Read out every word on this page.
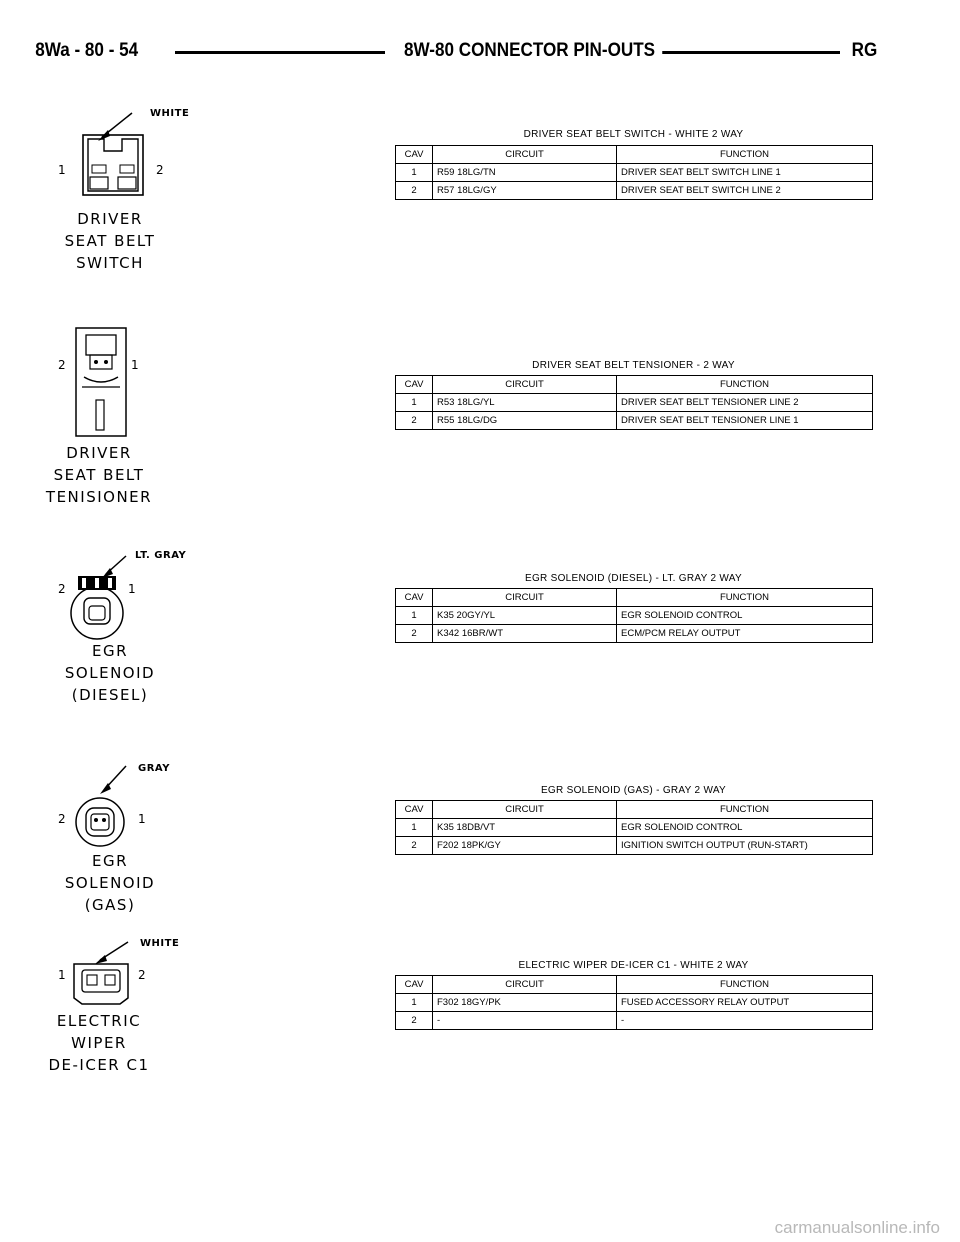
8Wa - 80 - 54	8W-80 CONNECTOR PIN-OUTS	RG
WHITE
1	2
DRIVER
SEAT BELT
SWITCH
DRIVER SEAT BELT SWITCH - WHITE 2 WAY
CAV	CIRCUIT	FUNCTION
1	R59 18LG/TN	DRIVER SEAT BELT SWITCH LINE 1
2	R57 18LG/GY	DRIVER SEAT BELT SWITCH LINE 2
2	1
DRIVER
SEAT BELT
TENISIONER
DRIVER SEAT BELT TENSIONER - 2 WAY
CAV	CIRCUIT	FUNCTION
1	R53 18LG/YL	DRIVER SEAT BELT TENSIONER LINE 2
2	R55 18LG/DG	DRIVER SEAT BELT TENSIONER LINE 1
LT. GRAY
2	1
EGR
SOLENOID
(DIESEL)
EGR SOLENOID (DIESEL) - LT. GRAY 2 WAY
CAV	CIRCUIT	FUNCTION
1	K35 20GY/YL	EGR SOLENOID CONTROL
2	K342 16BR/WT	ECM/PCM RELAY OUTPUT
GRAY
2	1
EGR
SOLENOID
(GAS)
EGR SOLENOID (GAS) - GRAY 2 WAY
CAV	CIRCUIT	FUNCTION
1	K35 18DB/VT	EGR SOLENOID CONTROL
2	F202 18PK/GY	IGNITION SWITCH OUTPUT (RUN-START)
WHITE
1	2
ELECTRIC
WIPER
DE-ICER C1
ELECTRIC WIPER DE-ICER C1 - WHITE 2 WAY
CAV	CIRCUIT	FUNCTION
1	F302 18GY/PK	FUSED ACCESSORY RELAY OUTPUT
2	-	-
carmanualsonline.info
